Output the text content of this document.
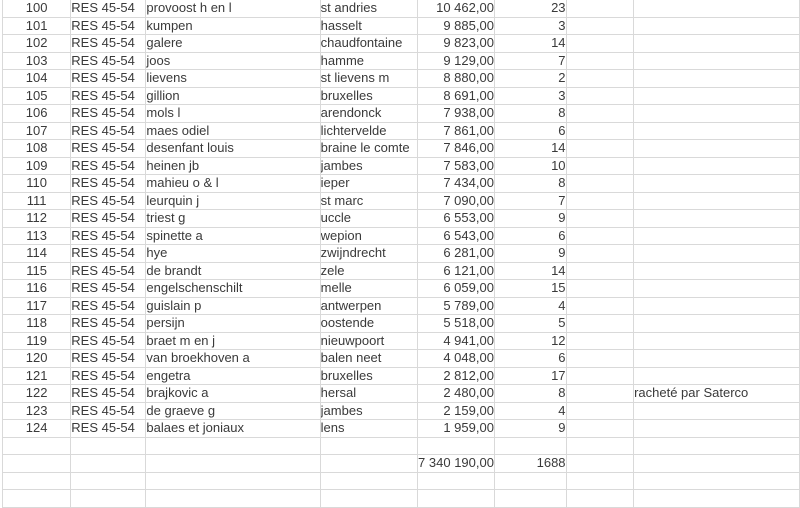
100	RES 45-54	provoost h en l	st andries	10 462,00	23		
101	RES 45-54	kumpen	hasselt	9 885,00	3		
102	RES 45-54	galere	chaudfontaine	9 823,00	14		
103	RES 45-54	joos	hamme	9 129,00	7		
104	RES 45-54	lievens	st lievens m	8 880,00	2		
105	RES 45-54	gillion	bruxelles	8 691,00	3		
106	RES 45-54	mols l	arendonck	7 938,00	8		
107	RES 45-54	maes odiel	lichtervelde	7 861,00	6		
108	RES 45-54	desenfant louis	braine le comte	7 846,00	14		
109	RES 45-54	heinen jb	jambes	7 583,00	10		
110	RES 45-54	mahieu o & l	ieper	7 434,00	8		
111	RES 45-54	leurquin j	st marc	7 090,00	7		
112	RES 45-54	triest g	uccle	6 553,00	9		
113	RES 45-54	spinette a	wepion	6 543,00	6		
114	RES 45-54	hye	zwijndrecht	6 281,00	9		
115	RES 45-54	de brandt	zele	6 121,00	14		
116	RES 45-54	engelschenschilt	melle	6 059,00	15		
117	RES 45-54	guislain p	antwerpen	5 789,00	4		
118	RES 45-54	persijn	oostende	5 518,00	5		
119	RES 45-54	braet m en j	nieuwpoort	4 941,00	12		
120	RES 45-54	van broekhoven a	balen neet	4 048,00	6		
121	RES 45-54	engetra	bruxelles	2 812,00	17		
122	RES 45-54	brajkovic a	hersal	2 480,00	8		racheté par Saterco
123	RES 45-54	de graeve g	jambes	2 159,00	4		
124	RES 45-54	balaes et joniaux	lens	1 959,00	9		

				7 340 190,00	1688		
